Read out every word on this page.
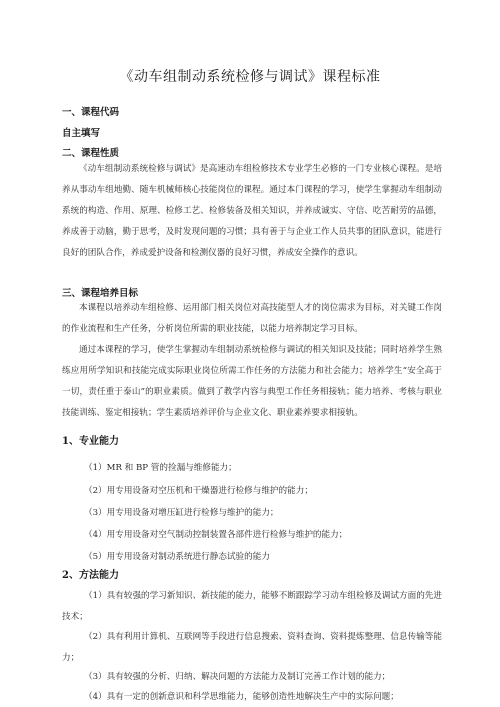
《动车组制动系统检修与调试》课程标准
一、课程代码
自主填写
二、课程性质

《动车组制动系统检修与调试》是高速动车组检修技术专业学生必修的一门专业核心课程。是培养从事动车组地勤、随车机械师核心技能岗位的课程。通过本门课程的学习，使学生掌握动车组制动系统的构造、作用、原理、检修工艺、检修装备及相关知识，并养成诚实、守信、吃苦耐劳的品德，养成善于动脑，勤于思考，及时发现问题的习惯；具有善于与企业工作人员共事的团队意识，能进行良好的团队合作，养成爱护设备和检测仪器的良好习惯，养成安全操作的意识。

三、课程培养目标

本课程以培养动车组检修、运用部门相关岗位对高技能型人才的岗位需求为目标，对关键工作岗的作业流程和生产任务，分析岗位所需的职业技能，以能力培养制定学习目标。

通过本课程的学习，使学生掌握动车组制动系统检修与调试的相关知识及技能；同时培养学生熟练应用所学知识和技能完成实际职业岗位所需工作任务的方法能力和社会能力；培养学生“安全高于一切，责任重于泰山”的职业素质。做到了教学内容与典型工作任务相接轨；能力培养、考核与职业技能训练、鉴定相接轨；学生素质培养评价与企业文化、职业素养要求相接轨。

1、专业能力
（1）MR 和 BP 管的捡漏与维修能力；
（2）用专用设备对空压机和干燥器进行检修与维护的能力；
（3）用专用设备对增压缸进行检修与维护的能力；
（4）用专用设备对空气制动控制装置各部件进行检修与维护的能力；
（5）用专用设备对制动系统进行静态试验的能力
2、方法能力

（1）具有较强的学习新知识、新技能的能力，能够不断跟踪学习动车组检修及调试方面的先进技术；

（2）具有利用计算机、互联网等手段进行信息搜索、资料查询、资料提炼整理、信息传输等能力；

（3）具有较强的分析、归纳、解决问题的方法能力及制订完善工作计划的能力；
（4）具有一定的创新意识和科学思维能力，能够创造性地解决生产中的实际问题；
